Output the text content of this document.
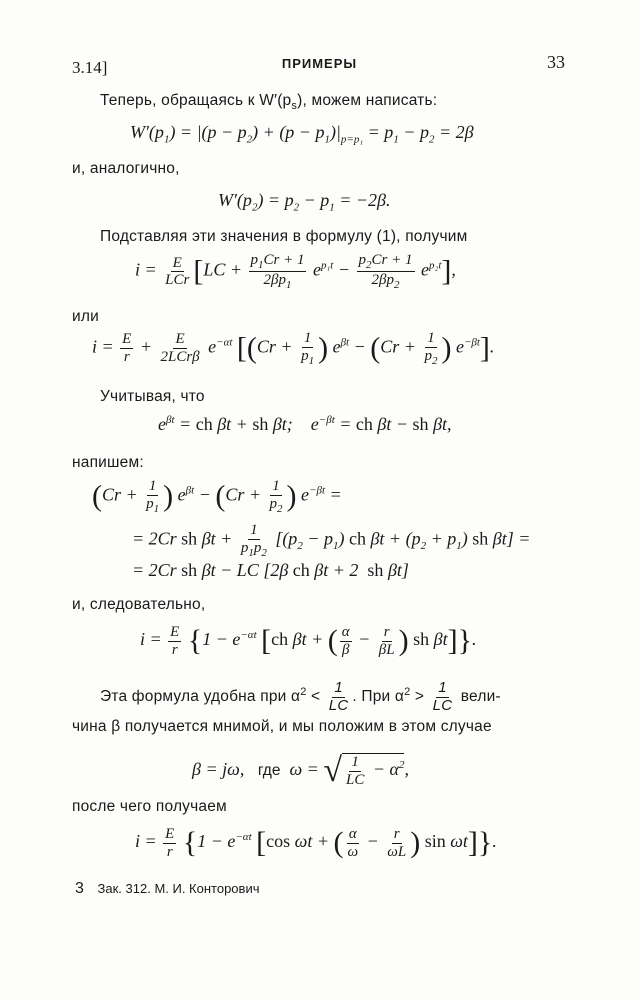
3.14]	ПРИМЕРЫ	33
Теперь, обращаясь к $W'(p_s)$, можем написать:
$W'(p_1) = |(p - p_2) + (p - p_1)|_{p=p_1} = p_1 - p_2 = 2\beta$
и, аналогично,
$W'(p_2) = p_2 - p_1 = -2\beta$.
Подставляя эти значения в формулу (1), получим
$i = \frac{E}{\text{LCr}} [LC + \frac{p_1Cr + 1}{2\beta p_1} e^{p_1t} - \frac{p_2Cr + 1}{2\beta p_2} e^{p_2t}]$,
или
$i = \frac{E}{r} + \frac{E}{\text{2LCrβ}} e^{-\alpha t}$ [($Cr + \frac{1}{p_1}$ ) $e^{\beta t} - (Cr + \frac{1}{p_2}$ ) $e^{-\beta t}$].
Учитывая, что
$e^{\beta t}$ = ch βt + sh βt;    $e^{-\beta t}$ = ch βt − sh βt,
напишем:
($Cr + \frac{1}{p_1}$ ) $e^{\beta t} - (Cr + \frac{1}{p_2}$ ) $e^{-\beta t}$ =
= 2Cr sh $\beta t + \frac{1}{p_1p_2} [(p_2 - p_1)$ ch $\beta t + (p_2 + p_1)$ sh βt] =
= 2Cr sh βt − LC [2β ch βt + 2  sh βt]
и, следовательно,
$i = \frac{E}{r} \{1 - e^{-\alpha t}$ [ch βt + ( $\frac{\alpha}{\beta} - \frac{r}{\beta L}$ ) sh βt]}.
Эта формула удобна при $\alpha^2 < \frac{1}{LC}$ . При $\alpha^2 > \frac{1}{LC}$ вели-
чина β получается мнимой, и мы положим в этом случае
β = jω,   где  ω = √ $\frac{1}{LC} - \alpha^2$,
после чего получаем
$i = \frac{E}{r} \{1 - e^{-\alpha t}$ [cos ωt + ( $\frac{\alpha}{\omega} - \frac{r}{\omega L}$ ) sin ωt]}.
3 Зак. 312. М. И. Конторович
